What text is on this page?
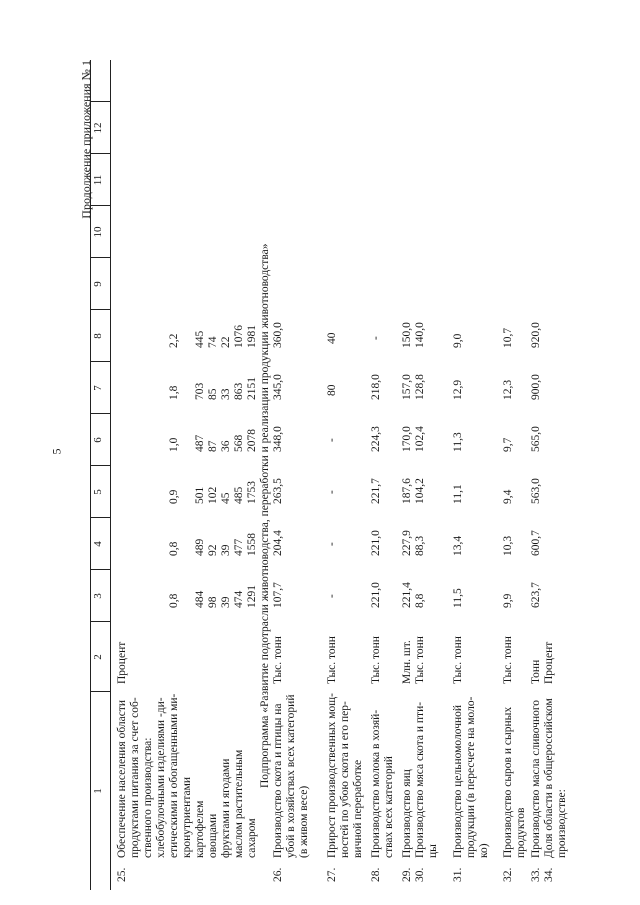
5
Продолжение приложения № 1
1
2
3
4
5
6
7
8
9
10
11
12
25.
Обеспечение населения области продуктами питания за счет соб-ственного производства:
Процент
хлебобулочными изделиями -ди-етическими и обогащенными ми-кронутриентами
0,8
0,8
0,9
1,0
1,8
2,2
картофелем
484
489
501
487
703
445
овощами
98
92
102
87
85
74
фруктами и ягодами
39
39
45
36
33
22
маслом растительным
474
477
485
568
863
1076
сахаром
1291
1558
1753
2078
2151
1981 Подпрограмма «Развитие подотрасли животноводства, переработки и реализации продукции животноводства»
26.
Производство скота и птицы на убой в хозяйствах всех категорий (в живом весе)
Тыс. тонн
107,7
204,4
263,5
348,0
345,0
360,0
27.
Прирост производственных мощ-ностей по убою скота и его пер-вичной переработке
Тыс. тонн
-
-
-
-
80
40
28.
Производство молока в хозяй-ствах всех категорий
Тыс. тонн
221,0
221,0
221,7
224,3
218,0
-
29.
Производство яиц
Млн. шт.
221,4
227,9
187,6
170,0
157,0
150,0
30.
Производство мяса скота и пти-цы
Тыс. тонн
8,8
88,3
104,2
102,4
128,8
140,0
31.
Производство цельномолочной продукции (в пересчете на моло-ко)
Тыс. тонн
11,5
13,4
11,1
11,3
12,9
9,0
32.
Производство сыров и сырных продуктов
Тыс. тонн
9,9
10,3
9,4
9,7
12,3
10,7
33.
Производство масла сливочного
Тонн
623,7
600,7
563,0
565,0
900,0
920,0
34.
Доля области в общероссийском производстве:
Процент
